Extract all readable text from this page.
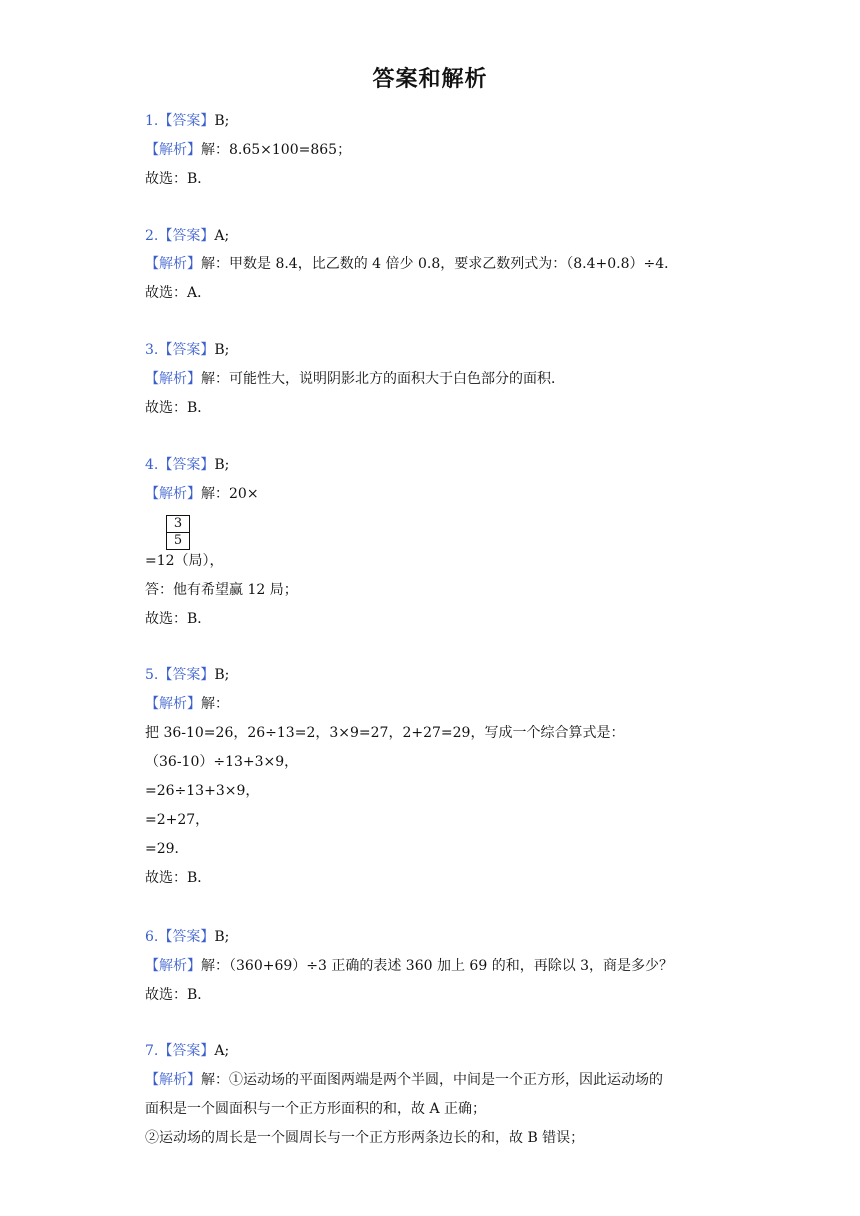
答案和解析
1.【答案】B;
【解析】解：8.65×100=865；
故选：B．
2.【答案】A;
【解析】解：甲数是 8.4，比乙数的 4 倍少 0.8，要求乙数列式为：（8.4+0.8）÷4．
故选：A．
3.【答案】B;
【解析】解：可能性大，说明阴影北方的面积大于白色部分的面积．
故选：B．
4.【答案】B;
【解析】解：20×
$\frac{3}{5}$
=12（局），
答：他有希望赢 12 局；
故选：B．
5.【答案】B;
【解析】解：
把 36-10=26，26÷13=2，3×9=27，2+27=29，写成一个综合算式是：
（36-10）÷13+3×9，
=26÷13+3×9，
=2+27，
=29．
故选：B．
6.【答案】B;
【解析】解：（360+69）÷3 正确的表述 360 加上 69 的和，再除以 3，商是多少？
故选：B．
7.【答案】A;
【解析】解：①运动场的平面图两端是两个半圆，中间是一个正方形，因此运动场的
面积是一个圆面积与一个正方形面积的和，故 A 正确；
②运动场的周长是一个圆周长与一个正方形两条边长的和，故 B 错误；
